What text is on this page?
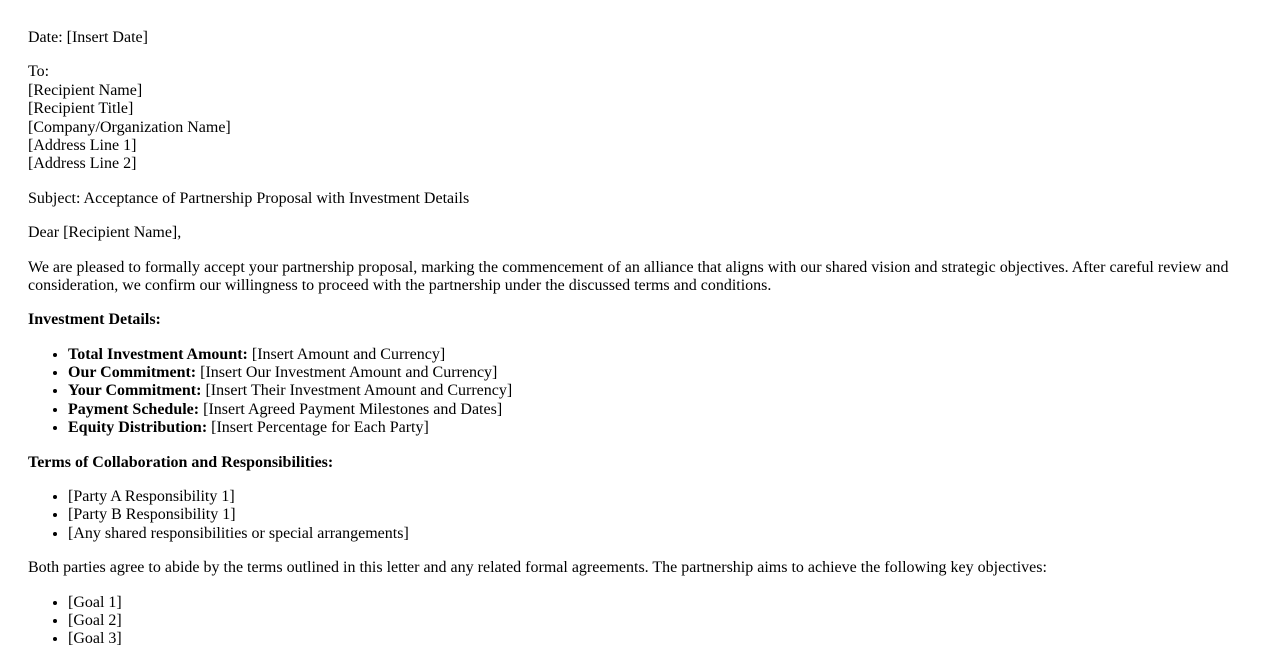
Date: [Insert Date]

To:
[Recipient Name]
[Recipient Title]
[Company/Organization Name]
[Address Line 1]
[Address Line 2]

Subject: Acceptance of Partnership Proposal with Investment Details

Dear [Recipient Name],

We are pleased to formally accept your partnership proposal, marking the commencement of an alliance that aligns with our shared vision and strategic objectives. After careful review and consideration, we confirm our willingness to proceed with the partnership under the discussed terms and conditions.

Investment Details:

• Total Investment Amount: [Insert Amount and Currency]
• Our Commitment: [Insert Our Investment Amount and Currency]
• Your Commitment: [Insert Their Investment Amount and Currency]
• Payment Schedule: [Insert Agreed Payment Milestones and Dates]
• Equity Distribution: [Insert Percentage for Each Party]

Terms of Collaboration and Responsibilities:

• [Party A Responsibility 1]
• [Party B Responsibility 1]
• [Any shared responsibilities or special arrangements]

Both parties agree to abide by the terms outlined in this letter and any related formal agreements. The partnership aims to achieve the following key objectives:

• [Goal 1]
• [Goal 2]
• [Goal 3]
